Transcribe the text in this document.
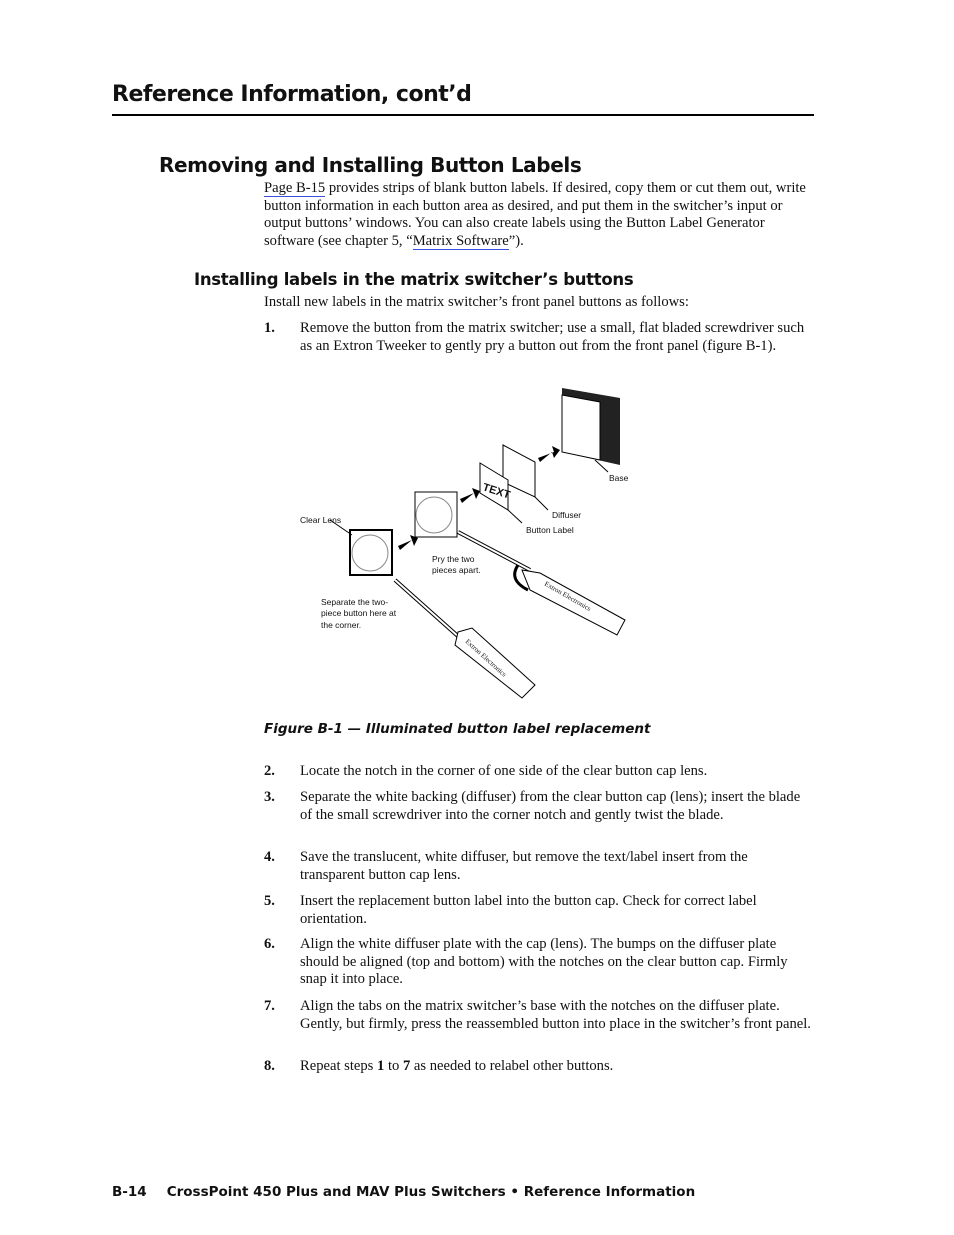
Reference Information, cont’d
Removing and Installing Button Labels
Page B-15 provides strips of blank button labels. If desired, copy them or cut them out, write button information in each button area as desired, and put them in the switcher’s input or output buttons’ windows. You can also create labels using the Button Label Generator software (see chapter 5, “Matrix Software”).
Installing labels in the matrix switcher’s buttons
Install new labels in the matrix switcher’s front panel buttons as follows:
1. Remove the button from the matrix switcher; use a small, flat bladed screwdriver such as an Extron Tweeker to gently pry a button out from the front panel (figure B-1).
TEXT
Extron Electronics
Extron Electronics
Clear Lens
Pry the two
pieces apart.
Separate the two-
piece button here at
the corner.
Button Label
Diffuser
Base
Figure B-1 — Illuminated button label replacement
2. Locate the notch in the corner of one side of the clear button cap lens.
3. Separate the white backing (diffuser) from the clear button cap (lens); insert the blade of the small screwdriver into the corner notch and gently twist the blade.
4. Save the translucent, white diffuser, but remove the text/label insert from the transparent button cap lens.
5. Insert the replacement button label into the button cap. Check for correct label orientation.
6. Align the white diffuser plate with the cap (lens). The bumps on the diffuser plate should be aligned (top and bottom) with the notches on the clear button cap. Firmly snap it into place.
7. Align the tabs on the matrix switcher’s base with the notches on the diffuser plate. Gently, but firmly, press the reassembled button into place in the switcher’s front panel.
8. Repeat steps 1 to 7 as needed to relabel other buttons.
B-14 CrossPoint 450 Plus and MAV Plus Switchers • Reference Information
